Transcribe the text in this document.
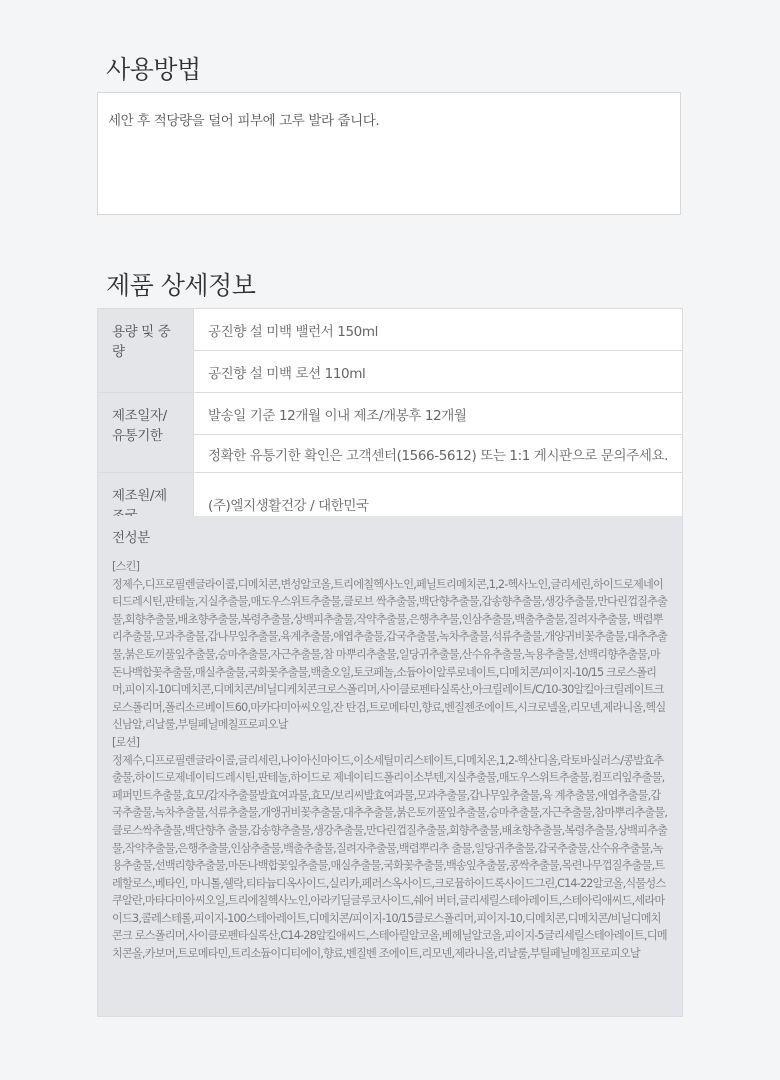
사용방법
세안 후 적당량을 덜어 피부에 고루 발라 줍니다.
제품 상세정보
용량 및 중량	공진향 설 미백 밸런서 150ml
	공진향 설 미백 로션 110ml
제조일자/유통기한	발송일 기준 12개월 이내 제조/개봉후 12개월
	정확한 유통기한 확인은 고객센터(1566-5612) 또는 1:1 게시판으로 문의주세요.
제조원/제	(주)엘지생활건강 / 대한민국

전성분

[스킨]
정제수,디프로필렌글라이콜,디메치콘,변성알코올,트리에칠헥사노인,페닐트리메치콘,1,2-헥사노인,글리세린,하이드로제네이티드레시틴,판테놀,지실추출물,매도우스위트추출물,클로브 싹추출물,백단향추출물,갑송향추출물,생강추출물,만다린껍질추출물,회향추출물,배초향추출물,복령추출물,상백피추출물,작약추출물,은행추추물,인삼추출물,백출추출물,질려자추출물, 백렴뿌리추출물,모과추출물,갑나무잎추출물,육계추출물,애엽추출물,갑국추출물,녹차추출물,석류추출물,개양귀비꽃추출물,대추추출물,붉은토끼풀잎추출물,승마추출물,자근추출물,참 마뿌리추출물,일당귀추출물,산수유추출물,녹용추출물,선백리향추출물,마돈나백합꽃추출물,매실추출물,국화꽃추출물,백출오일,토코페놀,소듐아이알루로네이트,디메치콘/피이지-10/15 크로스폴리머,피이지-10디메치콘,디메치콘/비닐디케치콘크로스폴리머,사이클로펜타실록산,아크릴레이트/C/10-30알킬아크릴레이트크로스폴리머,폴리소르베이트60,마카다미아씨오일,잔 탄검,트로메타민,향료,벤질젠조에이트,시크로넬올,리모넨,제라니올,헥실신남알,리날룰,부틸페닐메칠프로피오날

[로션]
정제수,디프로필렌글라이콜,글리세린,나이아신마이드,이소세틸미리스테이트,디메치온,1,2-헥산디올,락토바실러스/콩발효추출물,하이드로제네이티드레시틴,판테놀,하이드로 제네이티드폴리이소부텐,지실추출물,매도우스위트추출물,컴프리잎추출물,페퍼민트추출물,효모/갑자추출물발효여과물,효모/보리씨발효여과물,모과추출물,갑나무잎추출물,육 계추출물,애엽추출물,갑국추출물,녹차추출물,석류추출물,개앵귀비꽃추출물,대추추출물,붉은토끼풀잎추출물,승마추출물,자근추출물,참마뿌리추출물,클로스싹추출물,백단향추 출물,갑송향추출물,생강추출물,만다린껍질추출물,회향추출물,배초향추출물,복령추출물,상백피추출물,작약추출물,은행추출물,인삼추출물,백출추출물,질려자추출물,백렴뿌리추 출물,일당귀추출물,갑국추출물,산수유추출물,녹용추출물,선백리향추출물,마돈나백합꽃잎추출물,매실추출물,국화꽃추출물,백송잎추출물,콩싹추출물,목련나무껍질추출물,트레할로스,베타인, 마니톨,쉘락,티타늄디옥사이드,실리카,페러스옥사이드,크로뮴하이드록사이드그린,C14-22알코올,식물성스쿠알란,마타다미아씨오일,트리에칠헥사노인,아라키딜글루코사이드,쉐어 버터,글리세릴스테아레이트,스테아릭애씨드,세라마이드3,콜레스테롤,피이지-100스테아레이트,디메치콘/피이지-10/15클로스폴리머,피이지-10,디메치콘,디메치콘/비닐디메치콘크 로스폴리머,사이클로펜타실록산,C14-28알킬애씨드,스테아릴알코올,베헤닐알코올,피이지-5글리세릴스테아레이트,디메치콘올,카보머,트로메타민,트리소듐이디티에이,향료,벤질벤 조에이트,리모넨,제라니올,리날룰,부틸페닐메칠프로피오날
